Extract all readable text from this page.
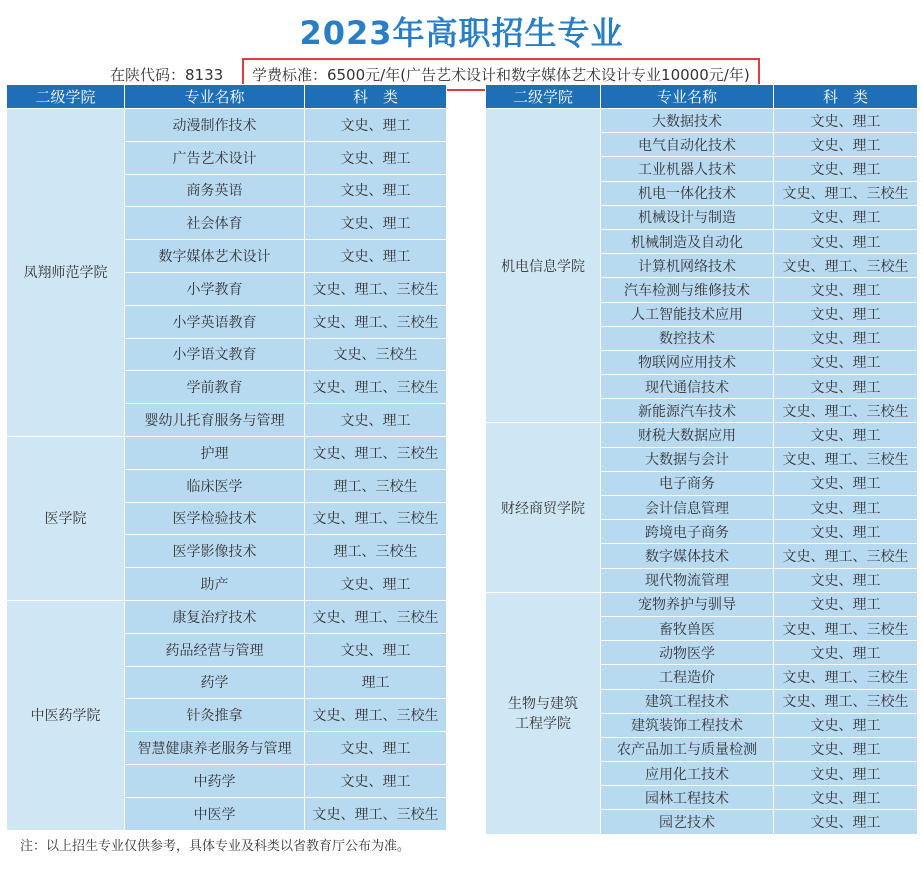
2023年高职招生专业
在陕代码：8133 学费标准：6500元/年(广告艺术设计和数字媒体艺术设计专业10000元/年)
二级学院	专业名称	科　类
凤翔师范学院	动漫制作技术	文史、理工
	广告艺术设计	文史、理工
	商务英语	文史、理工
	社会体育	文史、理工
	数字媒体艺术设计	文史、理工
	小学教育	文史、理工、三校生
	小学英语教育	文史、理工、三校生
	小学语文教育	文史、三校生
	学前教育	文史、理工、三校生
	婴幼儿托育服务与管理	文史、理工
医学院	护理	文史、理工、三校生
	临床医学	理工、三校生
	医学检验技术	文史、理工、三校生
	医学影像技术	理工、三校生
	助产	文史、理工
中医药学院	康复治疗技术	文史、理工、三校生
	药品经营与管理	文史、理工
	药学	理工
	针灸推拿	文史、理工、三校生
	智慧健康养老服务与管理	文史、理工
	中药学	文史、理工
	中医学	文史、理工、三校生
二级学院	专业名称	科　类
机电信息学院	大数据技术	文史、理工
	电气自动化技术	文史、理工
	工业机器人技术	文史、理工
	机电一体化技术	文史、理工、三校生
	机械设计与制造	文史、理工
	机械制造及自动化	文史、理工
	计算机网络技术	文史、理工、三校生
	汽车检测与维修技术	文史、理工
	人工智能技术应用	文史、理工
	数控技术	文史、理工
	物联网应用技术	文史、理工
	现代通信技术	文史、理工
	新能源汽车技术	文史、理工、三校生
财经商贸学院	财税大数据应用	文史、理工
	大数据与会计	文史、理工、三校生
	电子商务	文史、理工
	会计信息管理	文史、理工
	跨境电子商务	文史、理工
	数字媒体技术	文史、理工、三校生
	现代物流管理	文史、理工
生物与建筑
工程学院	宠物养护与驯导	文史、理工
	畜牧兽医	文史、理工、三校生
	动物医学	文史、理工
	工程造价	文史、理工、三校生
	建筑工程技术	文史、理工、三校生
	建筑装饰工程技术	文史、理工
	农产品加工与质量检测	文史、理工
	应用化工技术	文史、理工
	园林工程技术	文史、理工
	园艺技术	文史、理工
注：以上招生专业仅供参考，具体专业及科类以省教育厅公布为准。
